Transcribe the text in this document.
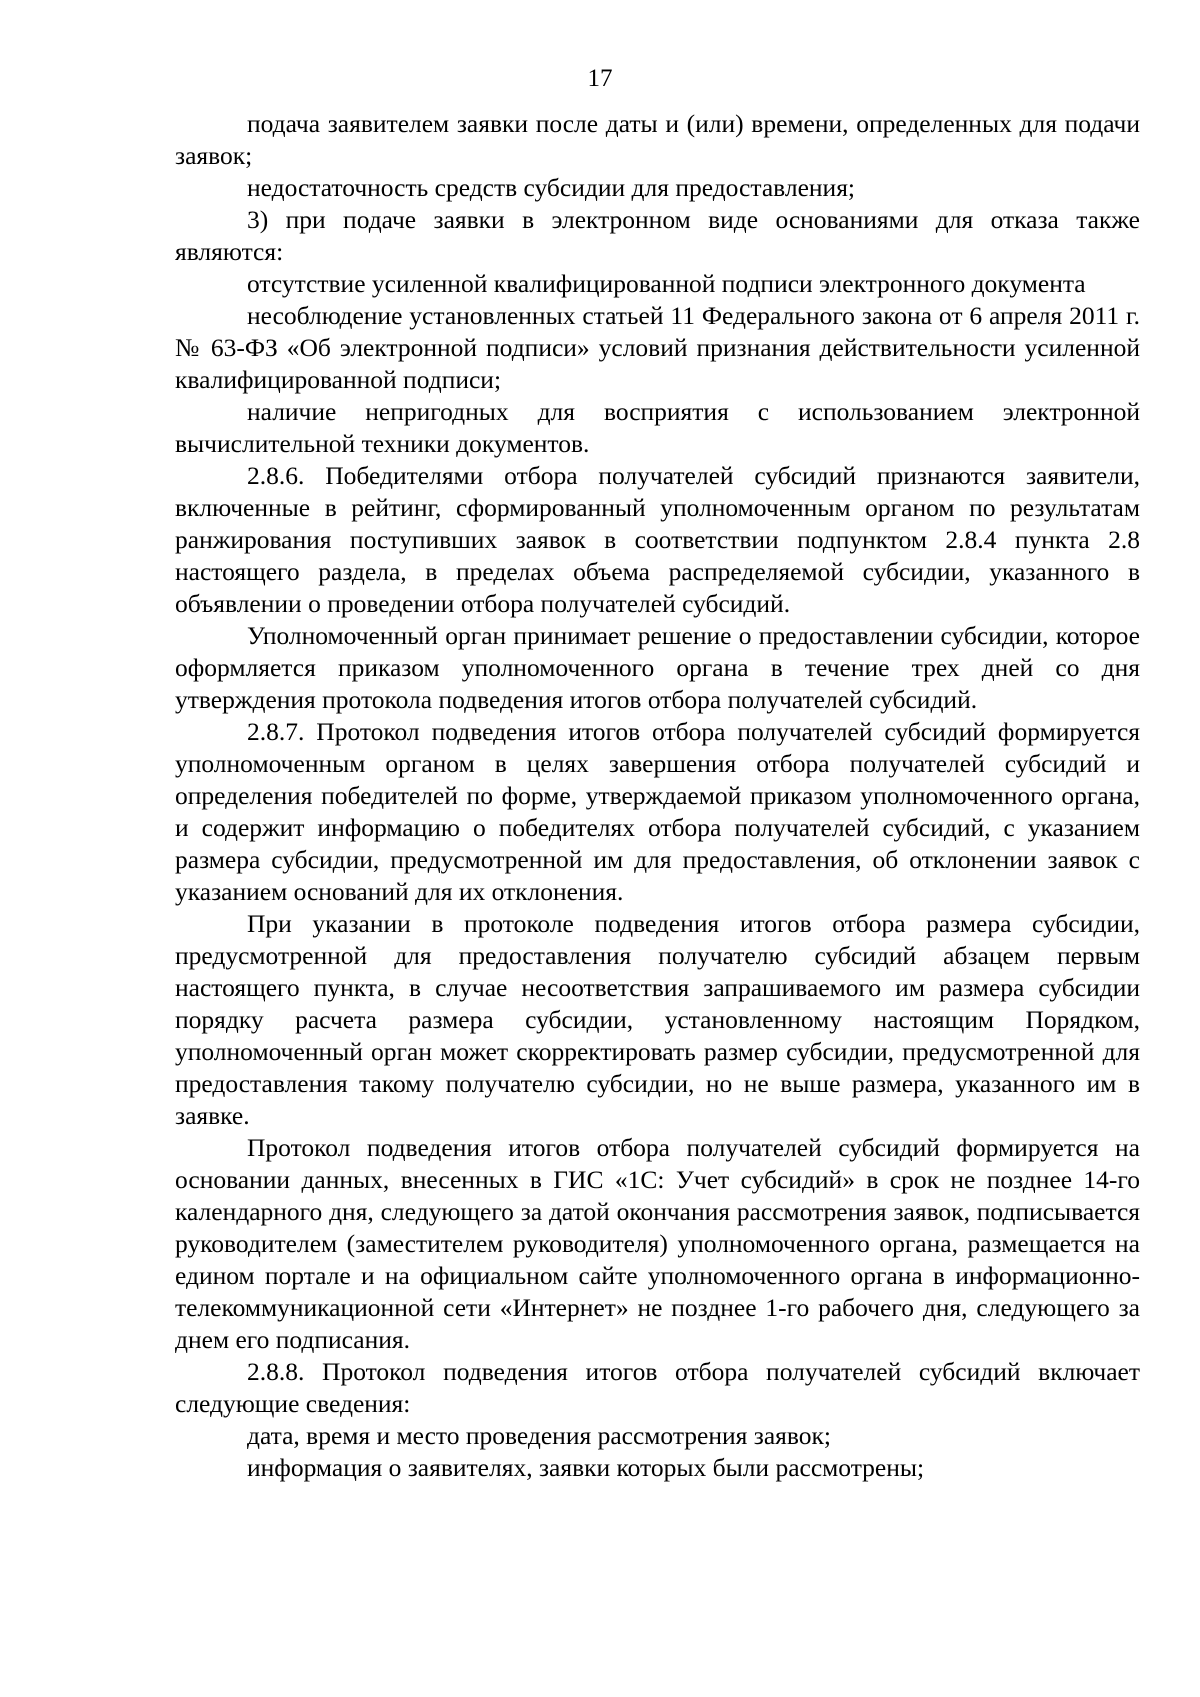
17

подача заявителем заявки после даты и (или) времени, определенных для подачи заявок;

недостаточность средств субсидии для предоставления;

3) при подаче заявки в электронном виде основаниями для отказа также являются:

отсутствие усиленной квалифицированной подписи электронного документа

несоблюдение установленных статьей 11 Федерального закона от 6 апреля 2011 г. № 63-ФЗ «Об электронной подписи» условий признания действительности усиленной квалифицированной подписи;

наличие непригодных для восприятия с использованием электронной вычислительной техники документов.

2.8.6. Победителями отбора получателей субсидий признаются заявители, включенные в рейтинг, сформированный уполномоченным органом по результатам ранжирования поступивших заявок в соответствии подпунктом 2.8.4 пункта 2.8 настоящего раздела, в пределах объема распределяемой субсидии, указанного в объявлении о проведении отбора получателей субсидий.

Уполномоченный орган принимает решение о предоставлении субсидии, которое оформляется приказом уполномоченного органа в течение трех дней со дня утверждения протокола подведения итогов отбора получателей субсидий.

2.8.7. Протокол подведения итогов отбора получателей субсидий формируется уполномоченным органом в целях завершения отбора получателей субсидий и определения победителей по форме, утверждаемой приказом уполномоченного органа, и содержит информацию о победителях отбора получателей субсидий, с указанием размера субсидии, предусмотренной им для предоставления, об отклонении заявок с указанием оснований для их отклонения.

При указании в протоколе подведения итогов отбора размера субсидии, предусмотренной для предоставления получателю субсидий абзацем первым настоящего пункта, в случае несоответствия запрашиваемого им размера субсидии порядку расчета размера субсидии, установленному настоящим Порядком, уполномоченный орган может скорректировать размер субсидии, предусмотренной для предоставления такому получателю субсидии, но не выше размера, указанного им в заявке.

Протокол подведения итогов отбора получателей субсидий формируется на основании данных, внесенных в ГИС «1С: Учет субсидий» в срок не позднее 14-го календарного дня, следующего за датой окончания рассмотрения заявок, подписывается руководителем (заместителем руководителя) уполномоченного органа, размещается на едином портале и на официальном сайте уполномоченного органа в информационно-телекоммуникационной сети «Интернет» не позднее 1-го рабочего дня, следующего за днем его подписания.

2.8.8. Протокол подведения итогов отбора получателей субсидий включает следующие сведения:

дата, время и место проведения рассмотрения заявок;

информация о заявителях, заявки которых были рассмотрены;
